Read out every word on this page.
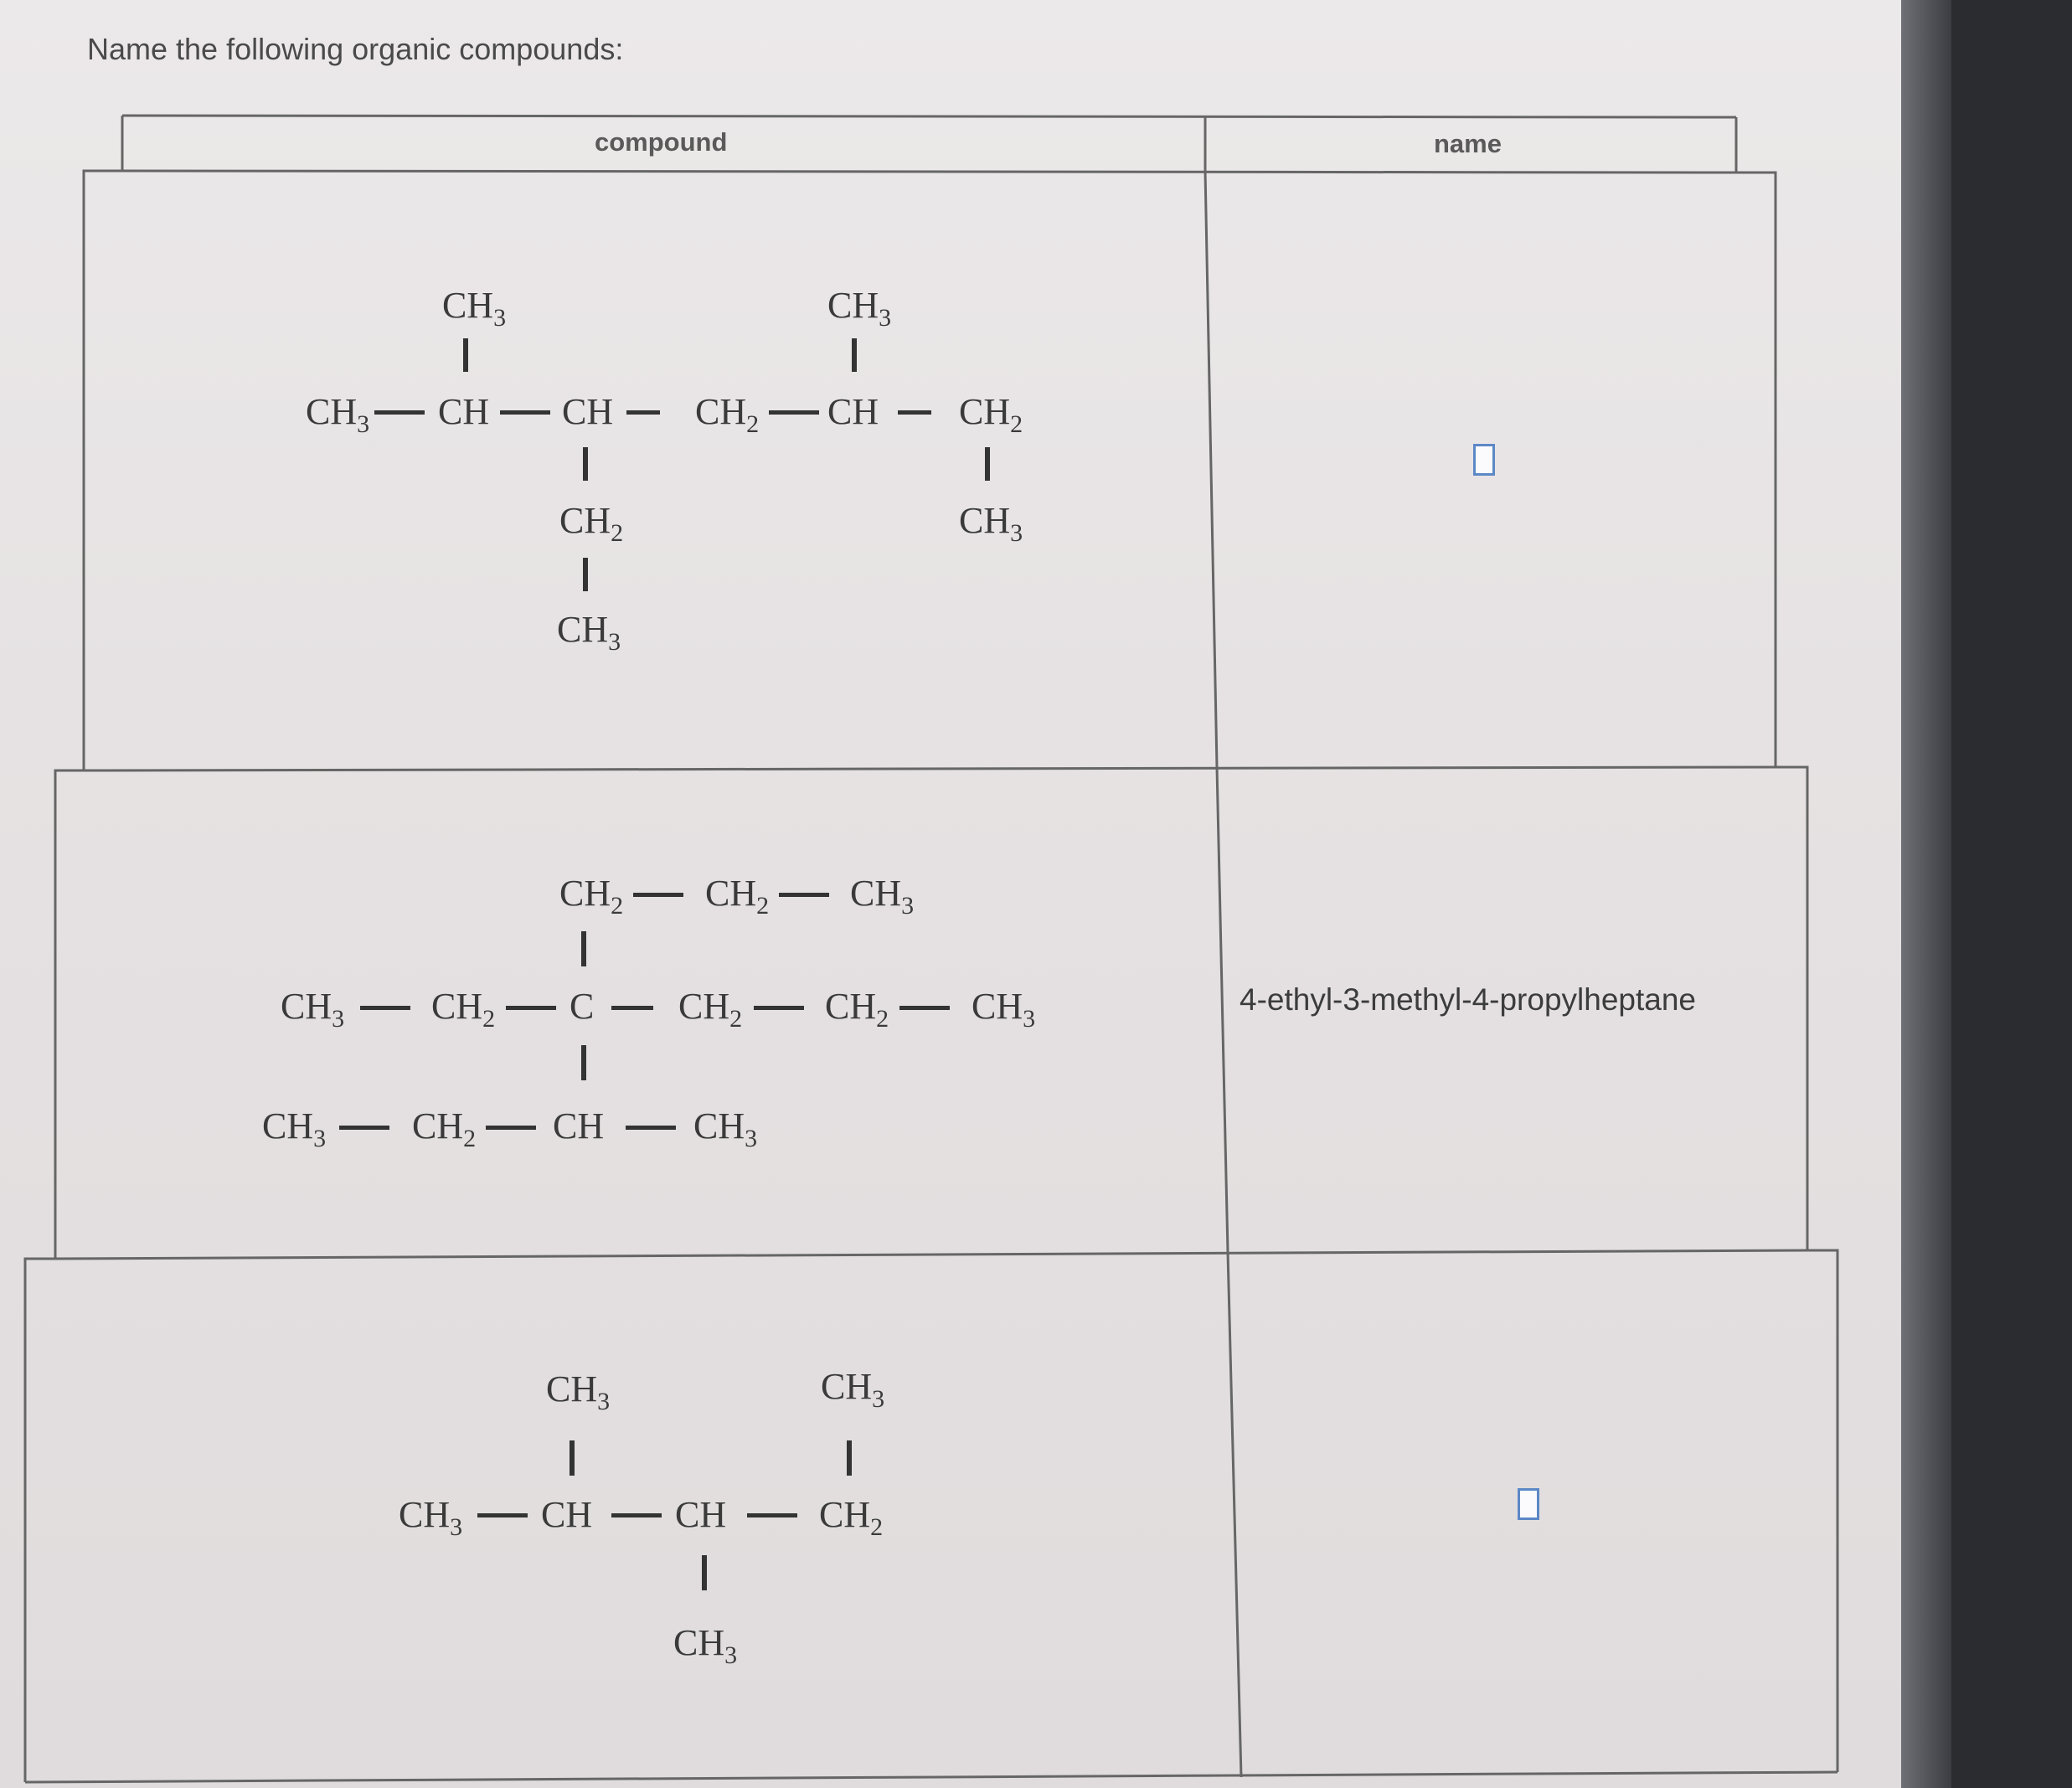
Name the following organic compounds:
compound	name
$CH_3$	$CH_3$
$CH_3$ CH CH $CH_2$ CH $CH_2$
$CH_2$	$CH_3$
$CH_3$
$CH_2$ $CH_2$ $CH_3$
$CH_3$ $CH_2$ C $CH_2$ $CH_2$ $CH_3$
$CH_3$ $CH_2$ CH $CH_3$
4-ethyl-3-methyl-4-propylheptane
$CH_3$	$CH_3$
$CH_3$ CH CH	$CH_2$
$CH_3$
